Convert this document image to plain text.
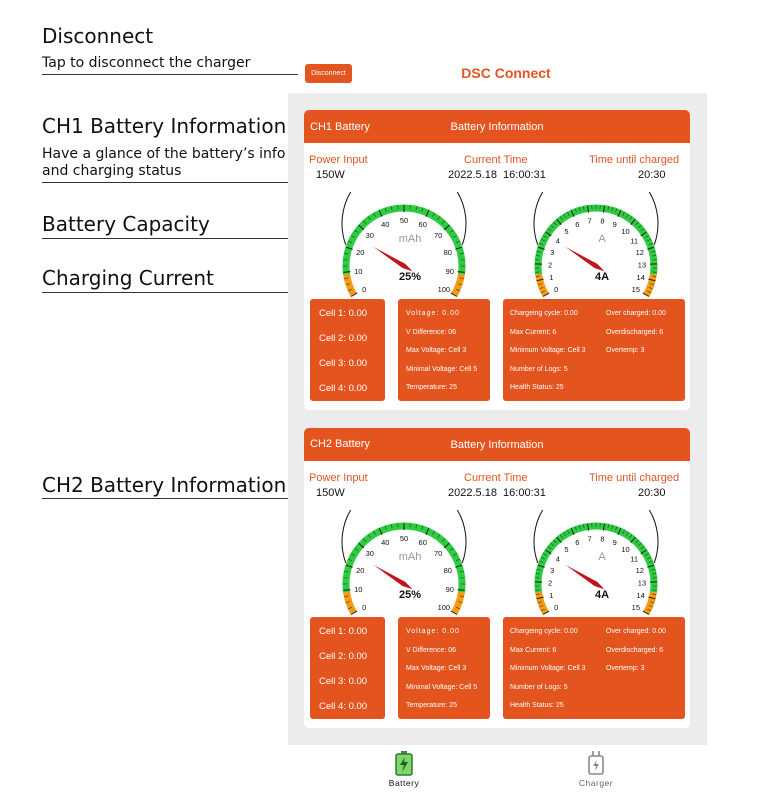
Disconnect
Tap to disconnect the charger
CH1 Battery Information
Have a glance of the battery’s info
and charging status
Battery Capacity
Charging Current
CH2 Battery Information
Disconnect	DSC Connect
CH1 Battery	Battery Information
Power Input
150W
Current Time
2022.5.18  16:00:31
Time until charged
20:30
0
10
20
30
40 50 60
70
80
90
100
mAh
25%
0
1
2
3
4
5
6 7 8 9
10
11
12
13
14
15
A
4A
Cell 1: 0.00
Cell 2: 0.00
Cell 3: 0.00
Cell 4: 0.00
Voltage: 0.00
V Difference: 06
Max Voltage: Cell 3
Minimal Voltage: Cell 5
Temperature: 25
Chargeing cycle: 0.00
Max Current: 6
Minimum Voltage: Cell 3
Number of Logs: 5
Health Status: 25
Over charged: 0.00
Overdischarged: 6
Overtemp: 3
CH2 Battery	Battery Information
Power Input
150W
Current Time
2022.5.18  16:00:31
Time until charged
20:30
0
10
20
30
40 50 60
70
80
90
100
mAh
25%
0
1
2
3
4
5
6 7 8 9
10
11
12
13
14
15
A
4A
Cell 1: 0.00
Cell 2: 0.00
Cell 3: 0.00
Cell 4: 0.00
Voltage: 0.00
V Difference: 06
Max Voltage: Cell 3
Minimal Voltage: Cell 5
Temperature: 25
Chargeing cycle: 0.00
Max Current: 6
Minimum Voltage: Cell 3
Number of Logs: 5
Health Status: 25
Over charged: 0.00
Overdischarged: 6
Overtemp: 3
Battery	Charger
